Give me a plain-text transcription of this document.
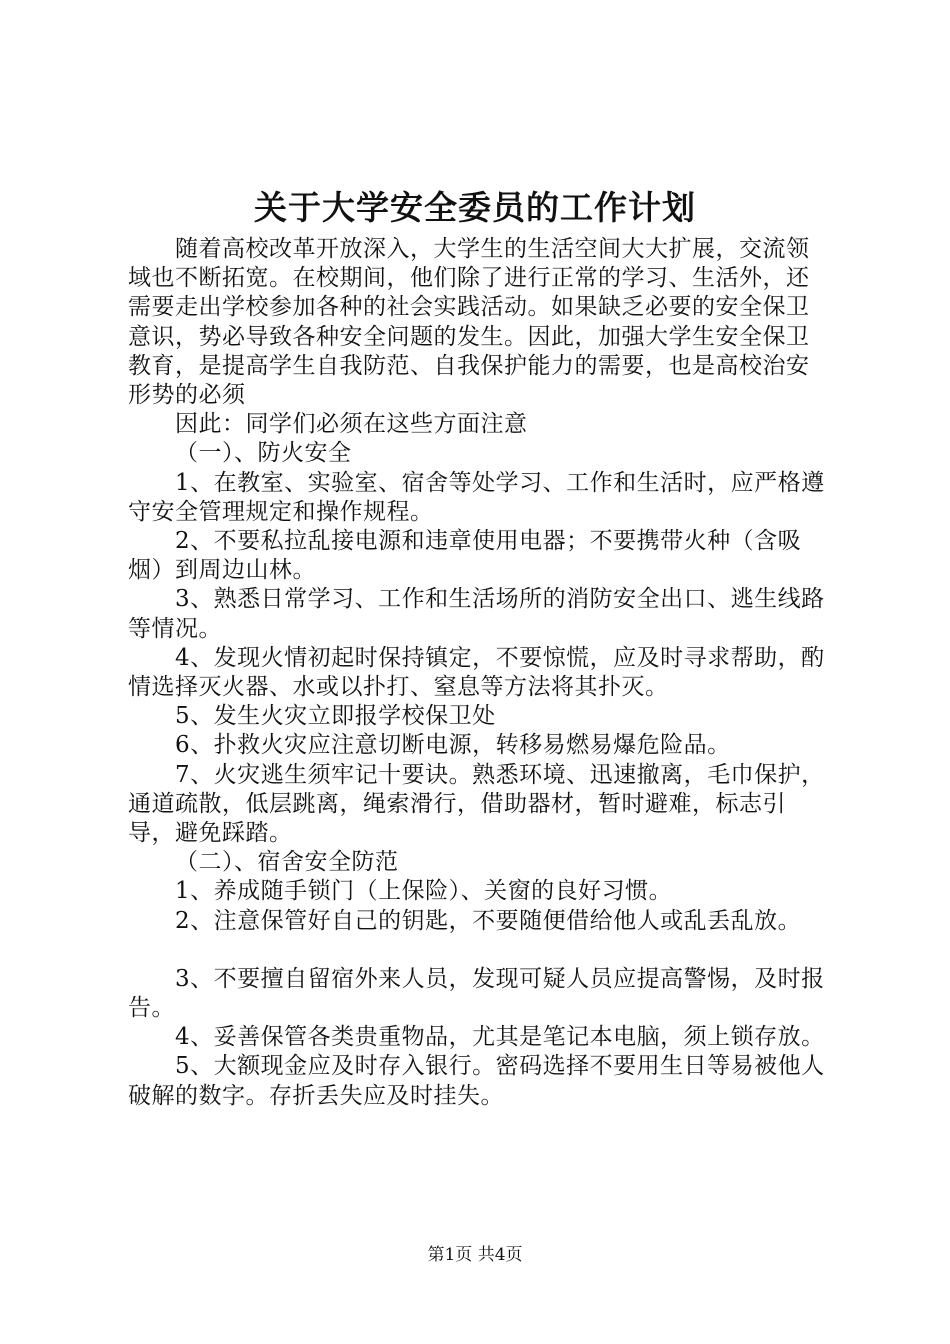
关于大学安全委员的工作计划

随着高校改革开放深入，大学生的生活空间大大扩展，交流领域也不断拓宽。在校期间，他们除了进行正常的学习、生活外，还需要走出学校参加各种的社会实践活动。如果缺乏必要的安全保卫意识，势必导致各种安全问题的发生。因此，加强大学生安全保卫教育，是提高学生自我防范、自我保护能力的需要，也是高校治安形势的必须

因此：同学们必须在这些方面注意

（一）、防火安全

1、在教室、实验室、宿舍等处学习、工作和生活时，应严格遵守安全管理规定和操作规程。

2、不要私拉乱接电源和违章使用电器；不要携带火种（含吸烟）到周边山林。

3、熟悉日常学习、工作和生活场所的消防安全出口、逃生线路等情况。

4、发现火情初起时保持镇定，不要惊慌，应及时寻求帮助，酌情选择灭火器、水或以扑打、窒息等方法将其扑灭。

5、发生火灾立即报学校保卫处

6、扑救火灾应注意切断电源，转移易燃易爆危险品。

7、火灾逃生须牢记十要诀。熟悉环境、迅速撤离，毛巾保护，通道疏散，低层跳离，绳索滑行，借助器材，暂时避难，标志引导，避免踩踏。

（二）、宿舍安全防范

1、养成随手锁门（上保险）、关窗的良好习惯。

2、注意保管好自己的钥匙，不要随便借给他人或乱丢乱放。

3、不要擅自留宿外来人员，发现可疑人员应提高警惕，及时报告。

4、妥善保管各类贵重物品，尤其是笔记本电脑，须上锁存放。

5、大额现金应及时存入银行。密码选择不要用生日等易被他人破解的数字。存折丢失应及时挂失。

第1页 共4页
